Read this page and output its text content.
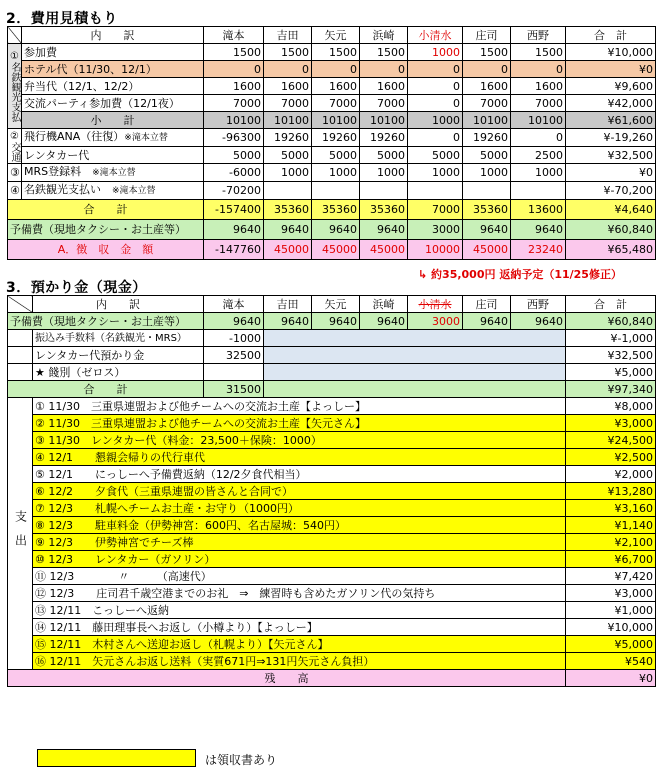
2．費用見積もり
	内　　訳	滝本	吉田	矢元	浜崎	小清水	庄司	西野	合　計
①名鉄観光支払	参加費	1500	1500	1500	1500	1000	1500	1500	¥10,000
	ホテル代（11/30、12/1）	0	0	0	0	0	0	0	¥0
	弁当代（12/1、12/2）	1600	1600	1600	1600	0	1600	1600	¥9,600
	交流パーティ参加費（12/1夜）	7000	7000	7000	7000	0	7000	7000	¥42,000
	小　　計	10100	10100	10100	10100	1000	10100	10100	¥61,600
②交通	飛行機ANA（往復）※滝本立替	-96300	19260	19260	19260	0	19260	0	¥-19,260
	レンタカー代	5000	5000	5000	5000	5000	5000	2500	¥32,500
③	MRS登録料　 ※滝本立替	-6000	1000	1000	1000	1000	1000	1000	¥0
④	名鉄観光支払い　 ※滝本立替	-70200							¥-70,200
合　　計		-157400	35360	35360	35360	7000	35360	13600	¥4,640
予備費（現地タクシー・お土産等）		9640	9640	9640	9640	3000	9640	9640	¥60,840
A．徴　収　金　額		-147760	45000	45000	45000	10000	45000	23240	¥65,480
↳ 約35,000円 返納予定（11/25修正）
3．預かり金（現金）
	内　　訳	滝本	吉田	矢元	浜崎	小清水	庄司	西野	合　計
予備費（現地タクシー・お土産等）		9640	9640	9640	9640	3000	9640	9640	¥60,840
	振込み手数料（名鉄観光・MRS）	-1000							¥-1,000
	レンタカー代預かり金	32500							¥32,500
	★ 餞別（ゼロス）								¥5,000
合　　計		31500							¥97,340
支出	① 11/30　三重県連盟および他チームへの交流お土産【よっしー】								¥8,000
	② 11/30　三重県連盟および他チームへの交流お土産【矢元さん】								¥3,000
	③ 11/30　レンタカー代（料金：23,500＋保険：1000）								¥24,500
	④ 12/1　　懇親会帰りの代行車代								¥2,500
	⑤ 12/1　　にっしーへ予備費返納（12/2夕食代相当）								¥2,000
	⑥ 12/2　　夕食代（三重県連盟の皆さんと合同で）								¥13,280
	⑦ 12/3　　札幌へチームお土産・お守り（1000円）								¥3,160
	⑧ 12/3　　駐車料金（伊勢神宮：600円、名古屋城：540円）								¥1,140
	⑨ 12/3　　伊勢神宮でチーズ棒								¥2,100
	⑩ 12/3　　レンタカー（ガソリン）								¥6,700
	⑪ 12/3　　　　〃　　　（高速代）								¥7,420
	⑫ 12/3　　庄司君千歳空港までのお礼　⇒　練習時も含めたガソリン代の気持ち								¥3,000
	⑬ 12/11　こっしーへ返納								¥1,000
	⑭ 12/11　藤田理事長へお返し（小樽より）【よっしー】								¥10,000
	⑮ 12/11　木村さんへ送迎お返し（札幌より）【矢元さん】								¥5,000
	⑯ 12/11　矢元さんお返し送料（実質671円⇒131円矢元さん負担）								¥540
残　　高									¥0
は領収書あり
